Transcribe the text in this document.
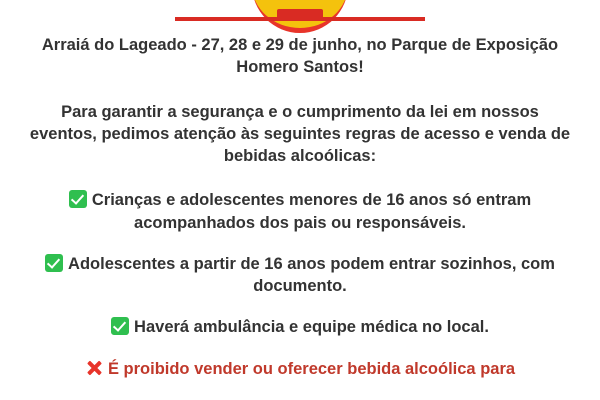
Arraiá do Lageado - 27, 28 e 29 de junho, no Parque de Exposição Homero Santos!

Para garantir a segurança e o cumprimento da lei em nossos eventos, pedimos atenção às seguintes regras de acesso e venda de bebidas alcoólicas:

Crianças e adolescentes menores de 16 anos só entram acompanhados dos pais ou responsáveis.
Adolescentes a partir de 16 anos podem entrar sozinhos, com documento.
Haverá ambulância e equipe médica no local.
É proibido vender ou oferecer bebida alcoólica para
